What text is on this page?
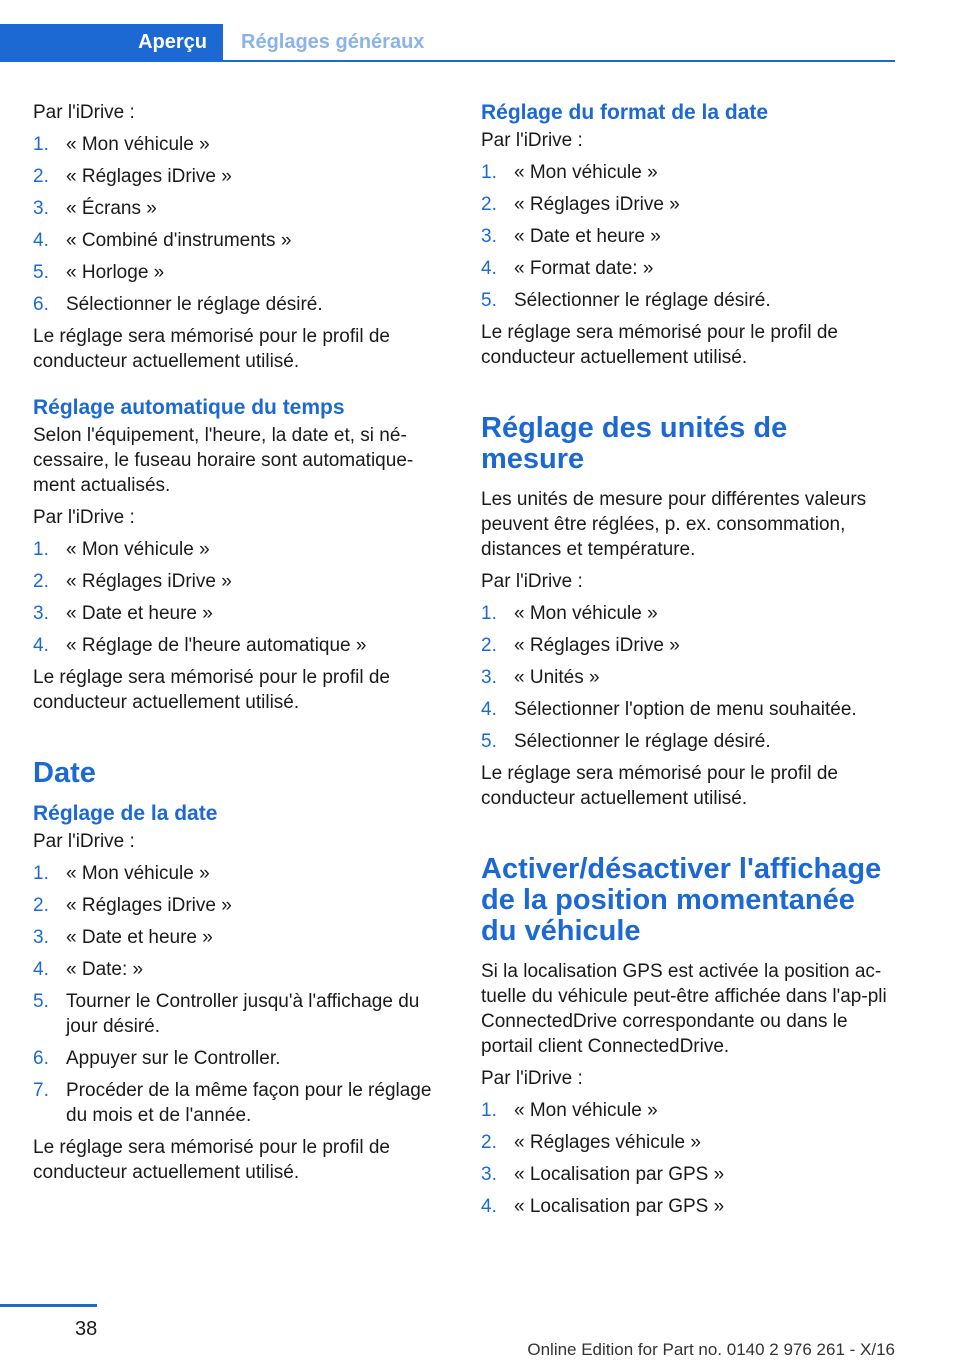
Aperçu	Réglages généraux

Par l'iDrive :

1. « Mon véhicule »
2. « Réglages iDrive »
3. « Écrans »
4. « Combiné d'instruments »
5. « Horloge »
6. Sélectionner le réglage désiré.

Le réglage sera mémorisé pour le profil de conducteur actuellement utilisé.

Réglage automatique du temps

Selon l'équipement, l'heure, la date et, si né-cessaire, le fuseau horaire sont automatique-ment actualisés.

Par l'iDrive :

1. « Mon véhicule »
2. « Réglages iDrive »
3. « Date et heure »
4. « Réglage de l'heure automatique »

Le réglage sera mémorisé pour le profil de conducteur actuellement utilisé.

Date
Réglage de la date

Par l'iDrive :

1. « Mon véhicule »
2. « Réglages iDrive »
3. « Date et heure »
4. « Date: »
5. Tourner le Controller jusqu'à l'affichage du jour désiré.
6. Appuyer sur le Controller.
7. Procéder de la même façon pour le réglage du mois et de l'année.

Le réglage sera mémorisé pour le profil de conducteur actuellement utilisé.

Réglage du format de la date

Par l'iDrive :

1. « Mon véhicule »
2. « Réglages iDrive »
3. « Date et heure »
4. « Format date: »
5. Sélectionner le réglage désiré.

Le réglage sera mémorisé pour le profil de conducteur actuellement utilisé.

Réglage des unités de mesure

Les unités de mesure pour différentes valeurs peuvent être réglées, p. ex. consommation, distances et température.

Par l'iDrive :

1. « Mon véhicule »
2. « Réglages iDrive »
3. « Unités »
4. Sélectionner l'option de menu souhaitée.
5. Sélectionner le réglage désiré.

Le réglage sera mémorisé pour le profil de conducteur actuellement utilisé.

Activer/désactiver l'affichage de la position momentanée du véhicule

Si la localisation GPS est activée la position ac-tuelle du véhicule peut-être affichée dans l'ap-pli ConnectedDrive correspondante ou dans le portail client ConnectedDrive.

Par l'iDrive :

1. « Mon véhicule »
2. « Réglages véhicule »
3. « Localisation par GPS »
4. « Localisation par GPS »
38
Online Edition for Part no. 0140 2 976 261 - X/16
